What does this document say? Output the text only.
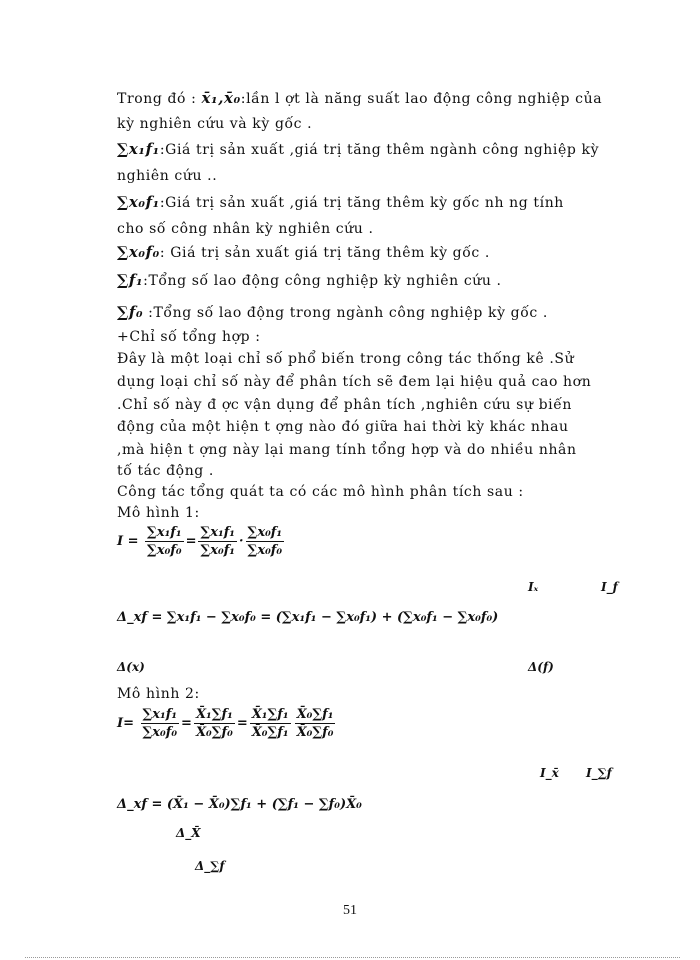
Trong đó : x̄₁,x̄₀:lần l ợt là năng suất lao động công nghiệp của
kỳ nghiên cứu và kỳ gốc .
∑x₁f₁:Giá trị sản xuất ,giá trị tăng thêm ngành công nghiệp kỳ
nghiên cứu ..
∑x₀f₁:Giá trị sản xuất ,giá trị tăng thêm kỳ gốc nh ng tính
cho số công nhân kỳ nghiên cứu .
∑x₀f₀: Giá trị sản xuất giá trị tăng thêm kỳ gốc .
∑f₁:Tổng số lao động công nghiệp kỳ nghiên cứu .
∑f₀ :Tổng số lao động trong ngành công nghiệp kỳ gốc .
+Chỉ số tổng hợp :
Đây là một loại chỉ số phổ biến trong công tác thống kê .Sử
dụng loại chỉ số này để phân tích sẽ đem lại hiệu quả cao hơn
.Chỉ số này đ ợc vận dụng để phân tích ,nghiên cứu sự biến
động của một hiện t ợng nào đó giữa hai thời kỳ khác nhau
,mà hiện t ợng này lại mang tính tổng hợp và do nhiều nhân
tố tác động .
Công tác tổng quát ta có các mô hình phân tích sau :
Mô hình 1:
$I = \frac{\text{∑x₁f₁}}{\text{∑x₀f₀}} = \frac{\text{∑x₁f₁}}{\text{∑x₀f₁}} \cdot \frac{\text{∑x₀f₁}}{\text{∑x₀f₀}}$
Iₓ	I_f
Δ_xf = ∑x₁f₁ − ∑x₀f₀ = (∑x₁f₁ − ∑x₀f₁) + (∑x₀f₁ − ∑x₀f₀)
Δ(x)	Δ(f)
Mô hình 2:
$I= \frac{\text{∑x₁f₁}}{\text{∑x₀f₀}} = \frac{\text{X̄₁∑f₁}}{\text{X̄₀∑f₀}} = \frac{\text{X̄₁∑f₁}}{\text{X̄₀∑f₁}} \frac{\text{X̄₀∑f₁}}{\text{X̄₀∑f₀}}$
I_x̄ I_∑f
Δ_xf = (X̄₁ − X̄₀)∑f₁ + (∑f₁ − ∑f₀)X̄₀
Δ_X̄
Δ_∑f
51
